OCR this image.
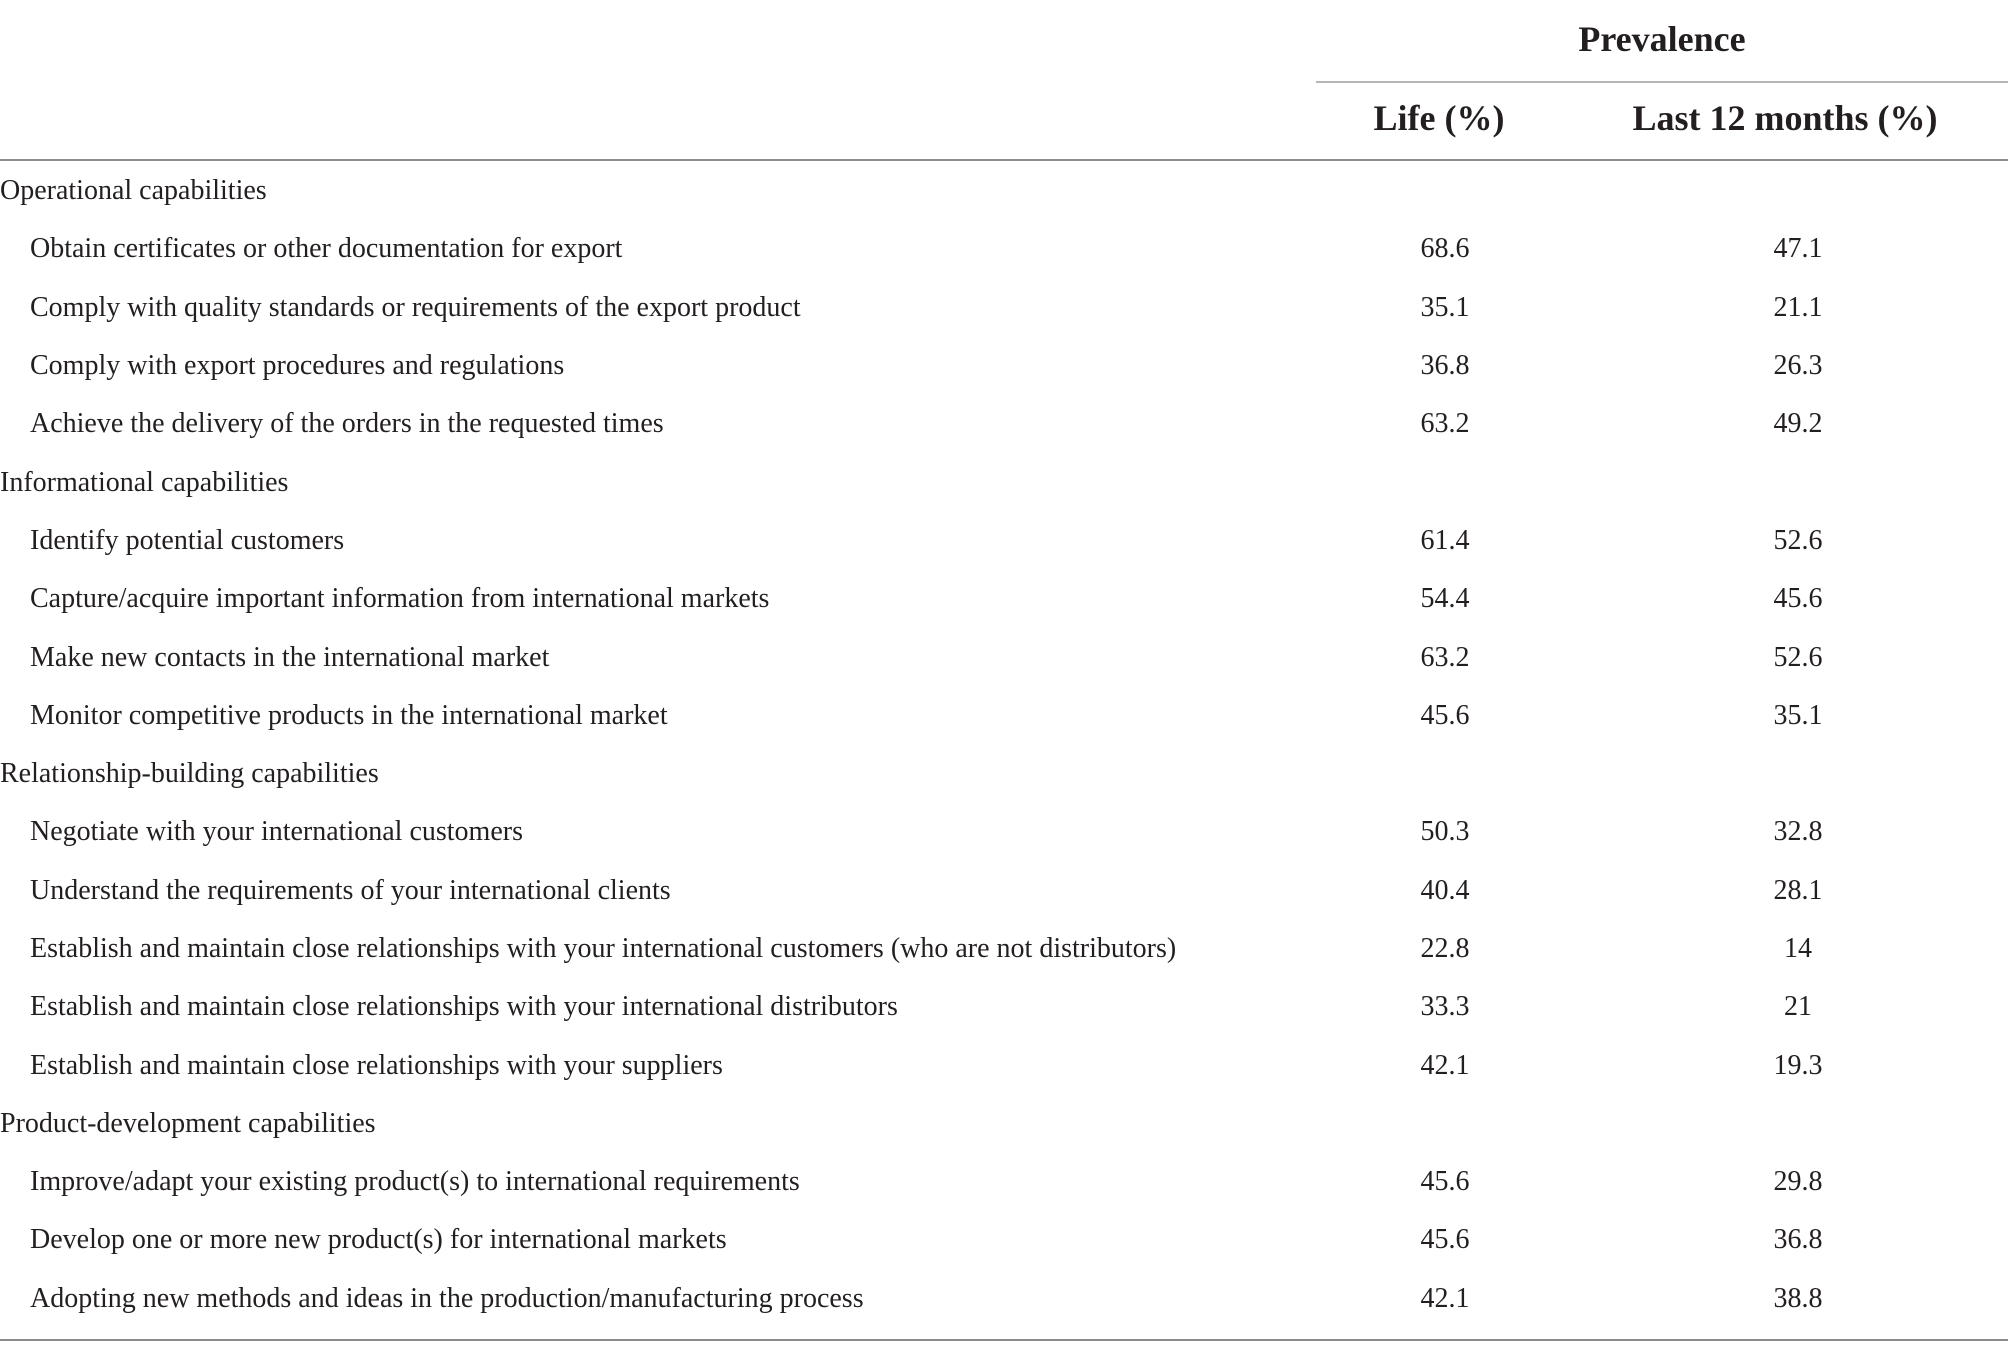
Prevalence
Life (%)	Last 12 months (%)
Operational capabilities
Obtain certificates or other documentation for export	68.6	47.1
Comply with quality standards or requirements of the export product	35.1	21.1
Comply with export procedures and regulations	36.8	26.3
Achieve the delivery of the orders in the requested times	63.2	49.2
Informational capabilities
Identify potential customers	61.4	52.6
Capture/acquire important information from international markets	54.4	45.6
Make new contacts in the international market	63.2	52.6
Monitor competitive products in the international market	45.6	35.1
Relationship-building capabilities
Negotiate with your international customers	50.3	32.8
Understand the requirements of your international clients	40.4	28.1
Establish and maintain close relationships with your international customers (who are not distributors)	22.8	14
Establish and maintain close relationships with your international distributors	33.3	21
Establish and maintain close relationships with your suppliers	42.1	19.3
Product-development capabilities
Improve/adapt your existing product(s) to international requirements	45.6	29.8
Develop one or more new product(s) for international markets	45.6	36.8
Adopting new methods and ideas in the production/manufacturing process	42.1	38.8
